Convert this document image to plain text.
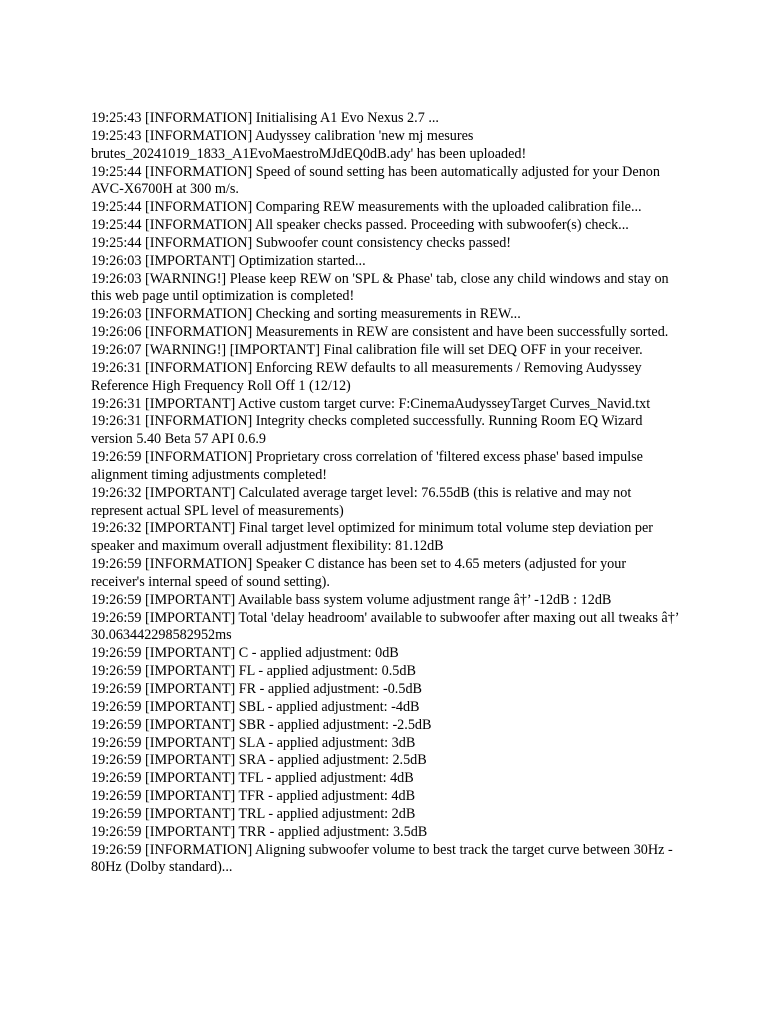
19:25:43 [INFORMATION] Initialising A1 Evo Nexus 2.7 ...

19:25:43 [INFORMATION] Audyssey calibration 'new mj mesures brutes_20241019_1833_A1EvoMaestroMJdEQ0dB.ady' has been uploaded!

19:25:44 [INFORMATION] Speed of sound setting has been automatically adjusted for your Denon AVC-X6700H at 300 m/s.

19:25:44 [INFORMATION] Comparing REW measurements with the uploaded calibration file...

19:25:44 [INFORMATION] All speaker checks passed. Proceeding with subwoofer(s) check...

19:25:44 [INFORMATION] Subwoofer count consistency checks passed!

19:26:03 [IMPORTANT] Optimization started...

19:26:03 [WARNING!] Please keep REW on 'SPL & Phase' tab, close any child windows and stay on this web page until optimization is completed!

19:26:03 [INFORMATION] Checking and sorting measurements in REW...

19:26:06 [INFORMATION] Measurements in REW are consistent and have been successfully sorted.

19:26:07 [WARNING!] [IMPORTANT] Final calibration file will set DEQ OFF in your receiver.

19:26:31 [INFORMATION] Enforcing REW defaults to all measurements / Removing Audyssey Reference High Frequency Roll Off 1 (12/12)

19:26:31 [IMPORTANT] Active custom target curve: F:CinemaAudysseyTarget Curves_Navid.txt

19:26:31 [INFORMATION] Integrity checks completed successfully. Running Room EQ Wizard version 5.40 Beta 57 API 0.6.9

19:26:59 [INFORMATION] Proprietary cross correlation of 'filtered excess phase' based impulse alignment timing adjustments completed!

19:26:32 [IMPORTANT] Calculated average target level: 76.55dB (this is relative and may not represent actual SPL level of measurements)

19:26:32 [IMPORTANT] Final target level optimized for minimum total volume step deviation per speaker and maximum overall adjustment flexibility: 81.12dB

19:26:59 [INFORMATION] Speaker C distance has been set to 4.65 meters (adjusted for your receiver's internal speed of sound setting).

19:26:59 [IMPORTANT] Available bass system volume adjustment range â†’ -12dB : 12dB

19:26:59 [IMPORTANT] Total 'delay headroom' available to subwoofer after maxing out all tweaks â†’ 30.063442298582952ms

19:26:59 [IMPORTANT] C - applied adjustment: 0dB

19:26:59 [IMPORTANT] FL - applied adjustment: 0.5dB

19:26:59 [IMPORTANT] FR - applied adjustment: -0.5dB

19:26:59 [IMPORTANT] SBL - applied adjustment: -4dB

19:26:59 [IMPORTANT] SBR - applied adjustment: -2.5dB

19:26:59 [IMPORTANT] SLA - applied adjustment: 3dB

19:26:59 [IMPORTANT] SRA - applied adjustment: 2.5dB

19:26:59 [IMPORTANT] TFL - applied adjustment: 4dB

19:26:59 [IMPORTANT] TFR - applied adjustment: 4dB

19:26:59 [IMPORTANT] TRL - applied adjustment: 2dB

19:26:59 [IMPORTANT] TRR - applied adjustment: 3.5dB

19:26:59 [INFORMATION] Aligning subwoofer volume to best track the target curve between 30Hz - 80Hz (Dolby standard)...
